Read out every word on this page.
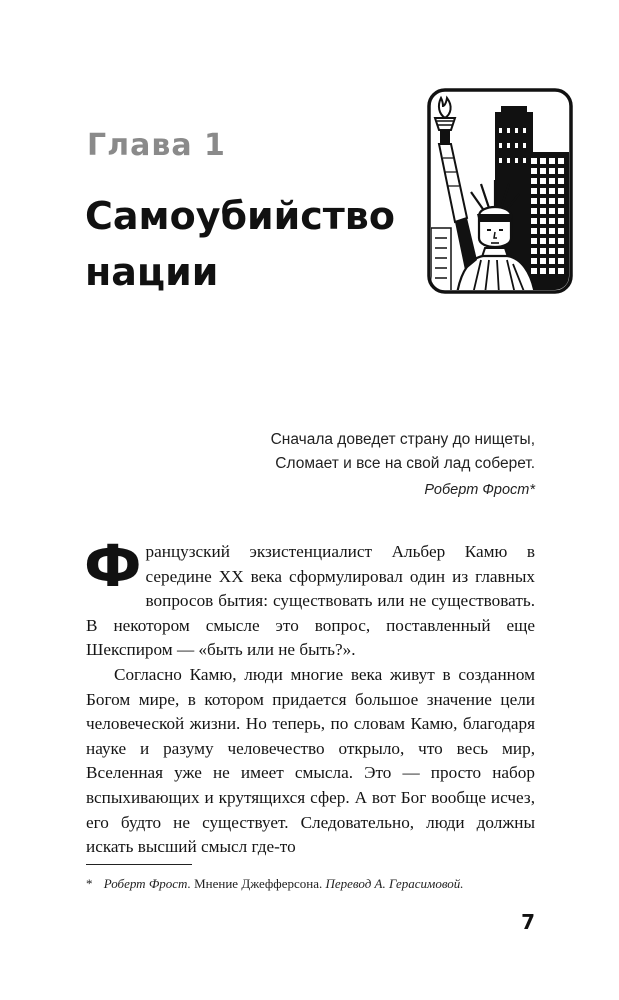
Глава 1
Самоубийство
нации
Сначала доведет страну до нищеты,
Сломает и все на свой лад соберет.
Роберт Фрост*
Ф ранцузский экзистенциалист Альбер Камю в середине XX века сформулировал один из главных вопросов бытия: существовать или не существовать. В некотором смысле это вопрос, поставленный еще Шекспиром — «быть или не быть?».

Согласно Камю, люди многие века живут в созданном Богом мире, в котором придается большое значение цели человеческой жизни. Но теперь, по словам Камю, благодаря науке и разуму человечество открыло, что весь мир, Вселенная уже не имеет смысла. Это — просто набор вспыхивающих и крутящихся сфер. А вот Бог вообще исчез, его будто не существует. Следовательно, люди должны искать высший смысл где-то

* Роберт Фрост. Мнение Джефферсона. Перевод А. Герасимовой.
7
